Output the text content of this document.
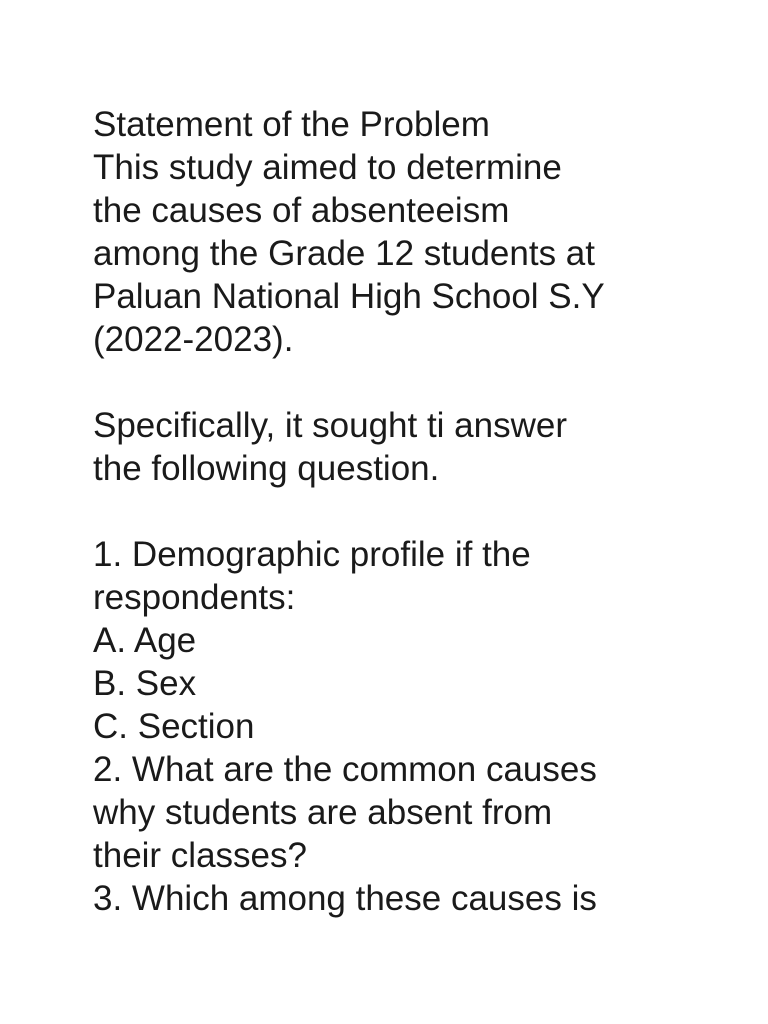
Statement of the Problem
This study aimed to determine
the causes of absenteeism
among the Grade 12 students at
Paluan National High School S.Y
(2022-2023).
Specifically, it sought ti answer
the following question.
1. Demographic profile if the
respondents:
A. Age
B. Sex
C. Section
2. What are the common causes
why students are absent from
their classes?
3. Which among these causes is
